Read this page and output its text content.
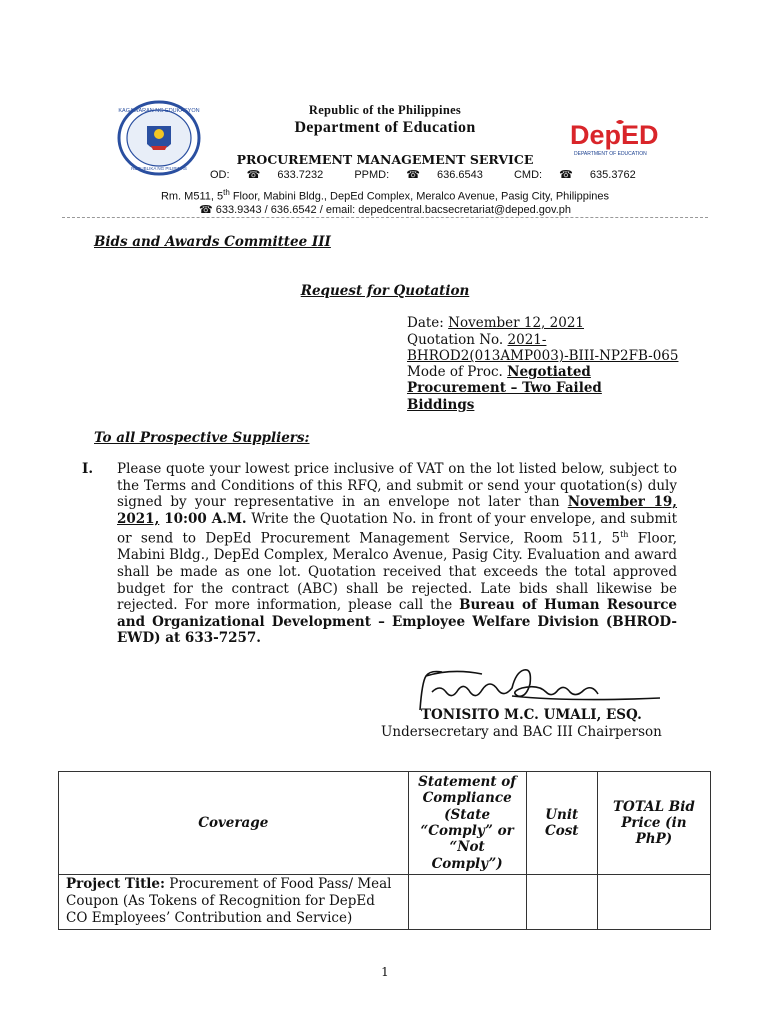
KAGAWARAN NG EDUKASYON
REPUBLIKA NG PILIPINAS
Republic of the Philippines
Department of Education	DepED
DEPARTMENT OF EDUCATION
PROCUREMENT MANAGEMENT SERVICE
OD: ☎ 633.7232	PPMD: ☎ 636.6543	CMD: ☎ 635.3762
Rm. M511, 5th Floor, Mabini Bldg., DepEd Complex, Meralco Avenue, Pasig City, Philippines
☎ 633.9343 / 636.6542 / email: depedcentral.bacsecretariat@deped.gov.ph
Bids and Awards Committee III
Request for Quotation
Date: November 12, 2021
Quotation No. 2021-
BHROD2(013AMP003)-BIII-NP2FB-065
Mode of Proc. Negotiated
Procurement – Two Failed
Biddings
To all Prospective Suppliers:
I. Please quote your lowest price inclusive of VAT on the lot listed below, subject to the Terms and Conditions of this RFQ, and submit or send your quotation(s) duly signed by your representative in an envelope not later than November 19, 2021, 10:00 A.M. Write the Quotation No. in front of your envelope, and submit or send to DepEd Procurement Management Service, Room 511, 5th Floor, Mabini Bldg., DepEd Complex, Meralco Avenue, Pasig City. Evaluation and award shall be made as one lot. Quotation received that exceeds the total approved budget for the contract (ABC) shall be rejected. Late bids shall likewise be rejected. For more information, please call the Bureau of Human Resource and Organizational Development – Employee Welfare Division (BHROD-EWD) at 633-7257.
TONISITO M.C. UMALI, ESQ.
Undersecretary and BAC III Chairperson
Coverage	Statement of Compliance (State “Comply” or “Not Comply”)	Unit Cost	TOTAL Bid Price (in PhP)
Project Title: Procurement of Food Pass/ Meal Coupon (As Tokens of Recognition for DepEd CO Employees’ Contribution and Service)			
1
